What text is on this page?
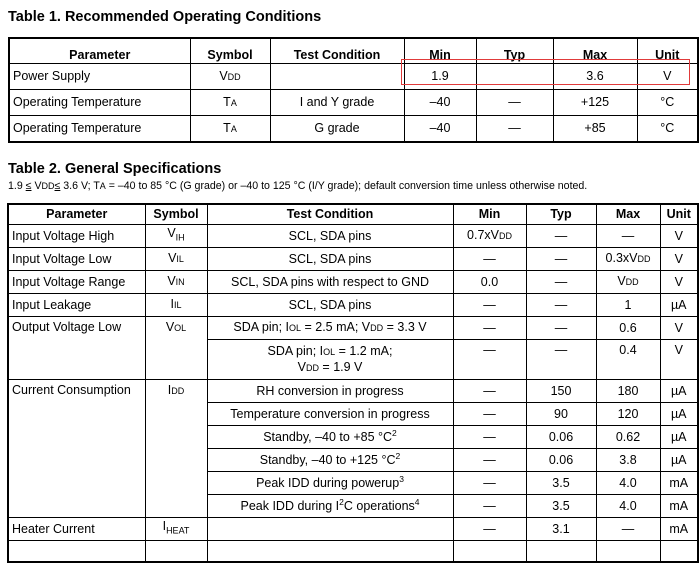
Table 1. Recommended Operating Conditions
Parameter	Symbol	Test Condition	Min	Typ	Max	Unit
Power Supply	VDD		1.9		3.6	V
Operating Temperature	TA	I and Y grade	–40	—	+125	°C
Operating Temperature	TA	G grade	–40	—	+85	°C
Table 2. General Specifications
1.9 ≤ VDD≤ 3.6 V; TA = –40 to 85 °C (G grade) or –40 to 125 °C (I/Y grade); default conversion time unless otherwise noted.
Parameter	Symbol	Test Condition	Min	Typ	Max	Unit
Input Voltage High	$V_{IH}$	SCL, SDA pins	0.7xVDD	—	—	V
Input Voltage Low	VIL	SCL, SDA pins	—	—	0.3xVDD	V
Input Voltage Range	VIN	SCL, SDA pins with respect to GND	0.0	—	VDD	V
Input Leakage	IIL	SCL, SDA pins	—	—	1	µA
Output Voltage Low	VOL	SDA pin; IOL = 2.5 mA; VDD = 3.3 V	—	—	0.6	V
		SDA pin; IOL = 1.2 mA;
VDD = 1.9 V	—	—	0.4	V
Current Consumption	IDD	RH conversion in progress	—	150	180	µA
		Temperature conversion in progress	—	90	120	µA
		Standby, –40 to +85 $^\circ C^2$	—	0.06	0.62	µA
		Standby, –40 to +125 $^\circ C^2$	—	0.06	3.8	µA
		Peak IDD during powerup$^3$	—	3.5	4.0	mA
		Peak IDD during $I^2C$ operations$^4$	—	3.5	4.0	mA
Heater Current	$I_{HEAT}$		—	3.1	—	mA
